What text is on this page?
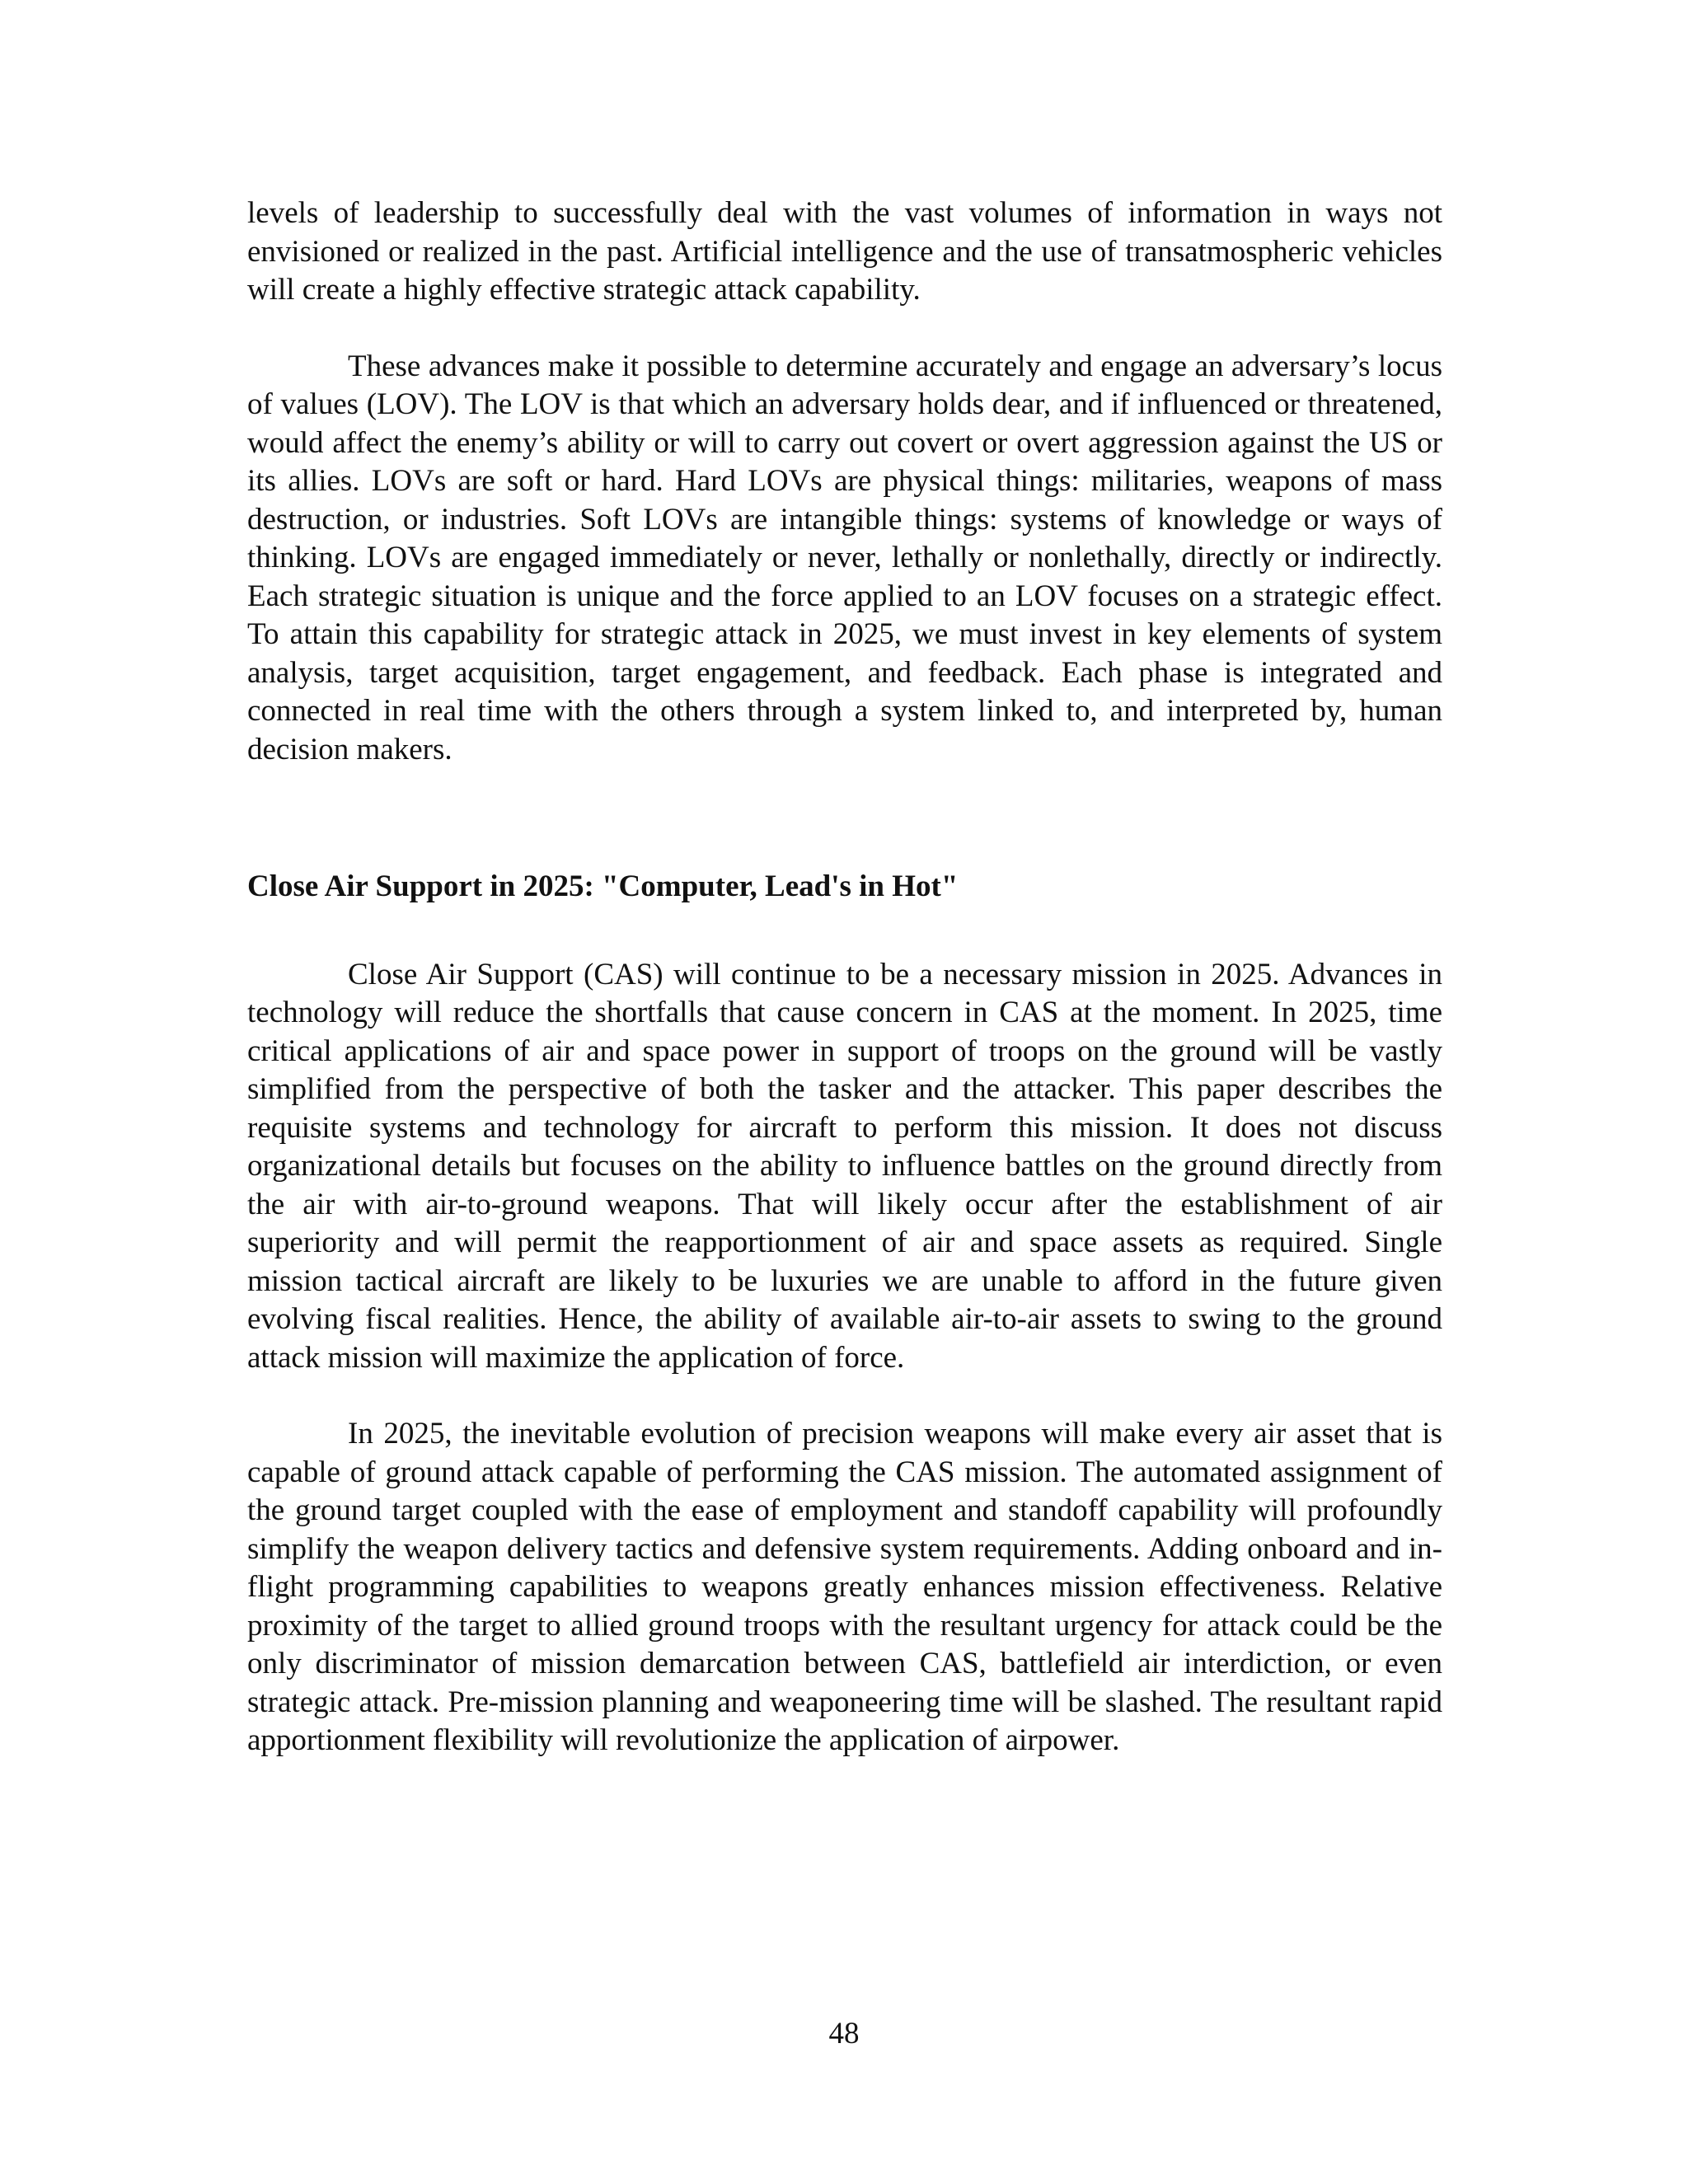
levels of leadership to successfully deal with the vast volumes of information in ways not envisioned or realized in the past. Artificial intelligence and the use of transatmospheric vehicles will create a highly effective strategic attack capability.

These advances make it possible to determine accurately and engage an adversary’s locus of values (LOV). The LOV is that which an adversary holds dear, and if influenced or threatened, would affect the enemy’s ability or will to carry out covert or overt aggression against the US or its allies. LOVs are soft or hard. Hard LOVs are physical things: militaries, weapons of mass destruction, or industries. Soft LOVs are intangible things: systems of knowledge or ways of thinking. LOVs are engaged immediately or never, lethally or nonlethally, directly or indirectly. Each strategic situation is unique and the force applied to an LOV focuses on a strategic effect. To attain this capability for strategic attack in 2025, we must invest in key elements of system analysis, target acquisition, target engagement, and feedback. Each phase is integrated and connected in real time with the others through a system linked to, and interpreted by, human decision makers.

Close Air Support in 2025: "Computer, Lead's in Hot"

Close Air Support (CAS) will continue to be a necessary mission in 2025. Advances in technology will reduce the shortfalls that cause concern in CAS at the moment. In 2025, time critical applications of air and space power in support of troops on the ground will be vastly simplified from the perspective of both the tasker and the attacker. This paper describes the requisite systems and technology for aircraft to perform this mission. It does not discuss organizational details but focuses on the ability to influence battles on the ground directly from the air with air-to-ground weapons. That will likely occur after the establishment of air superiority and will permit the reapportionment of air and space assets as required. Single mission tactical aircraft are likely to be luxuries we are unable to afford in the future given evolving fiscal realities. Hence, the ability of available air-to-air assets to swing to the ground attack mission will maximize the application of force.

In 2025, the inevitable evolution of precision weapons will make every air asset that is capable of ground attack capable of performing the CAS mission. The automated assignment of the ground target coupled with the ease of employment and standoff capability will profoundly simplify the weapon delivery tactics and defensive system requirements. Adding onboard and in-flight programming capabilities to weapons greatly enhances mission effectiveness. Relative proximity of the target to allied ground troops with the resultant urgency for attack could be the only discriminator of mission demarcation between CAS, battlefield air interdiction, or even strategic attack. Pre-mission planning and weaponeering time will be slashed. The resultant rapid apportionment flexibility will revolutionize the application of airpower.

48
